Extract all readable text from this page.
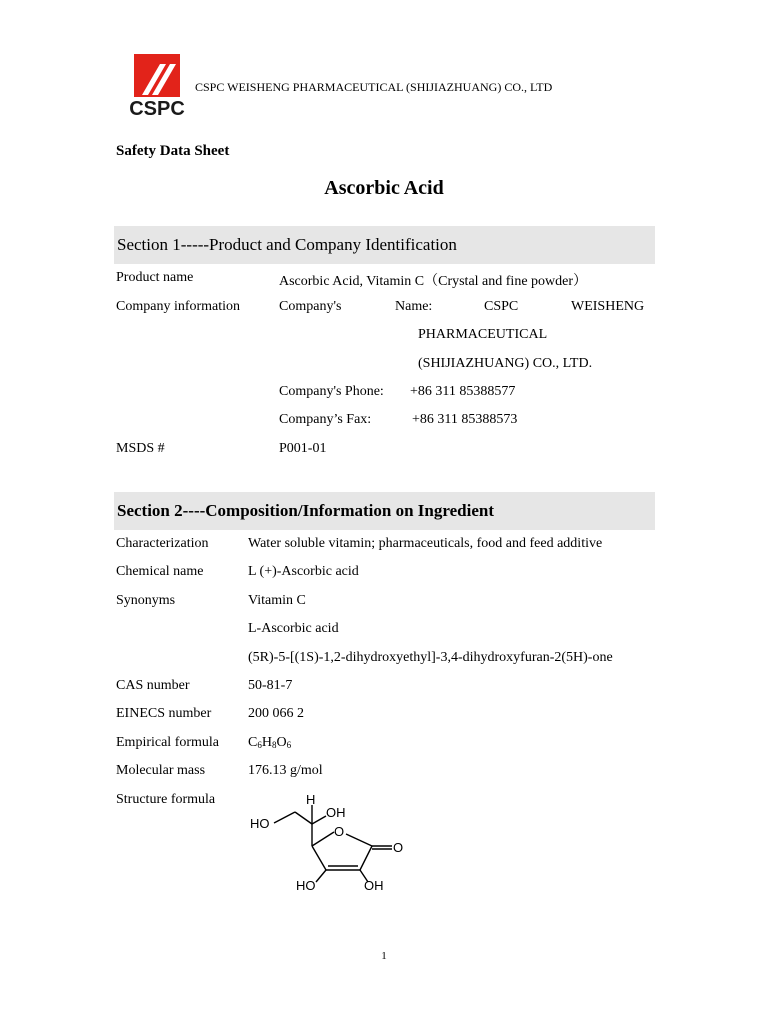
CSPC
CSPC WEISHENG PHARMACEUTICAL (SHIJIAZHUANG) CO., LTD
Safety Data Sheet
Ascorbic Acid
Section 1-----Product and Company Identification
Product name	Ascorbic Acid, Vitamin C（Crystal and fine powder）
Company information	Company's	Name:	CSPC	WEISHENG
PHARMACEUTICAL
(SHIJIAZHUANG) CO., LTD.
Company's Phone: +86 311 85388577
Company’s Fax:	+86 311 85388573
MSDS #	P001-01
Section 2----Composition/Information on Ingredient
Characterization	Water soluble vitamin; pharmaceuticals, food and feed additive
Chemical name	L (+)-Ascorbic acid
Synonyms	Vitamin C
L-Ascorbic acid
(5R)-5-[(1S)-1,2-dihydroxyethyl]-3,4-dihydroxyfuran-2(5H)-one
CAS number	50-81-7
EINECS number	200 066 2
Empirical formula $C_6H_8O_6$
Molecular mass	176.13 g/mol
Structure formula	H
OH
HO
O
O
HO	OH
1
